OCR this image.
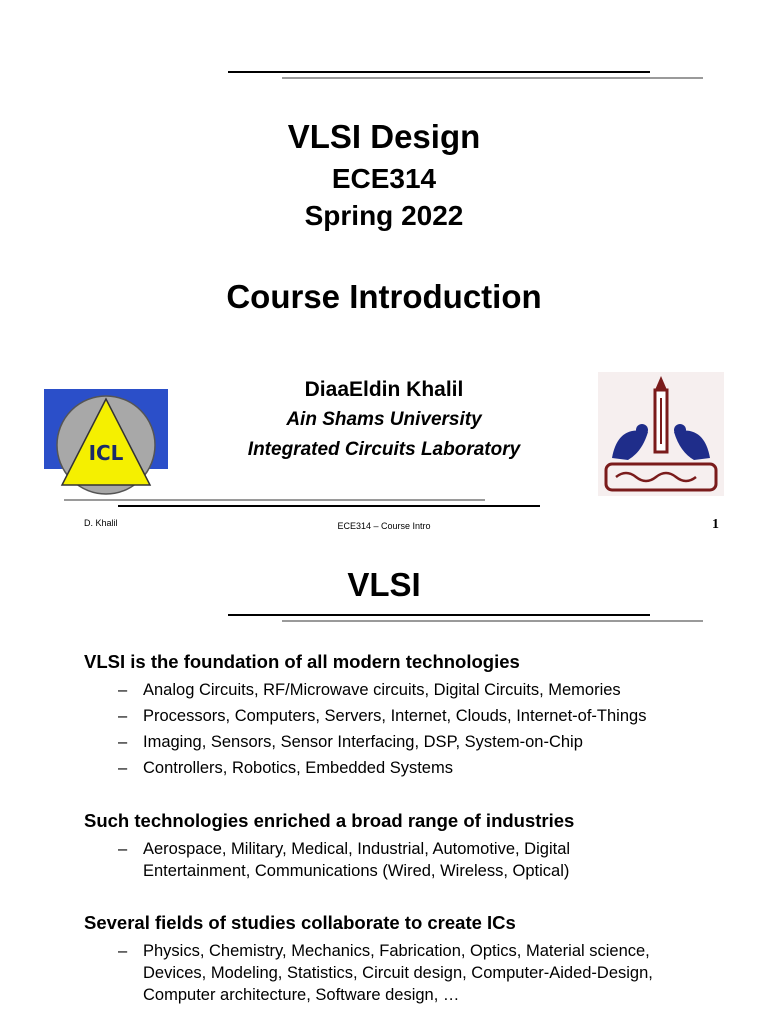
VLSI Design
ECE314
Spring 2022
Course Introduction
ICL
DiaaEldin Khalil
Ain Shams University
Integrated Circuits Laboratory
D. Khalil	ECE314 – Course Intro	1
VLSI
VLSI is the foundation of all modern technologies
– Analog Circuits, RF/Microwave circuits, Digital Circuits, Memories
– Processors, Computers, Servers, Internet, Clouds, Internet-of-Things
– Imaging, Sensors, Sensor Interfacing, DSP, System-on-Chip
– Controllers, Robotics, Embedded Systems
Such technologies enriched a broad range of industries
– Aerospace, Military, Medical, Industrial, Automotive, Digital Entertainment, Communications (Wired, Wireless, Optical)
Several fields of studies collaborate to create ICs
– Physics, Chemistry, Mechanics, Fabrication, Optics, Material science, Devices, Modeling, Statistics, Circuit design, Computer-Aided-Design, Computer architecture, Software design, …
